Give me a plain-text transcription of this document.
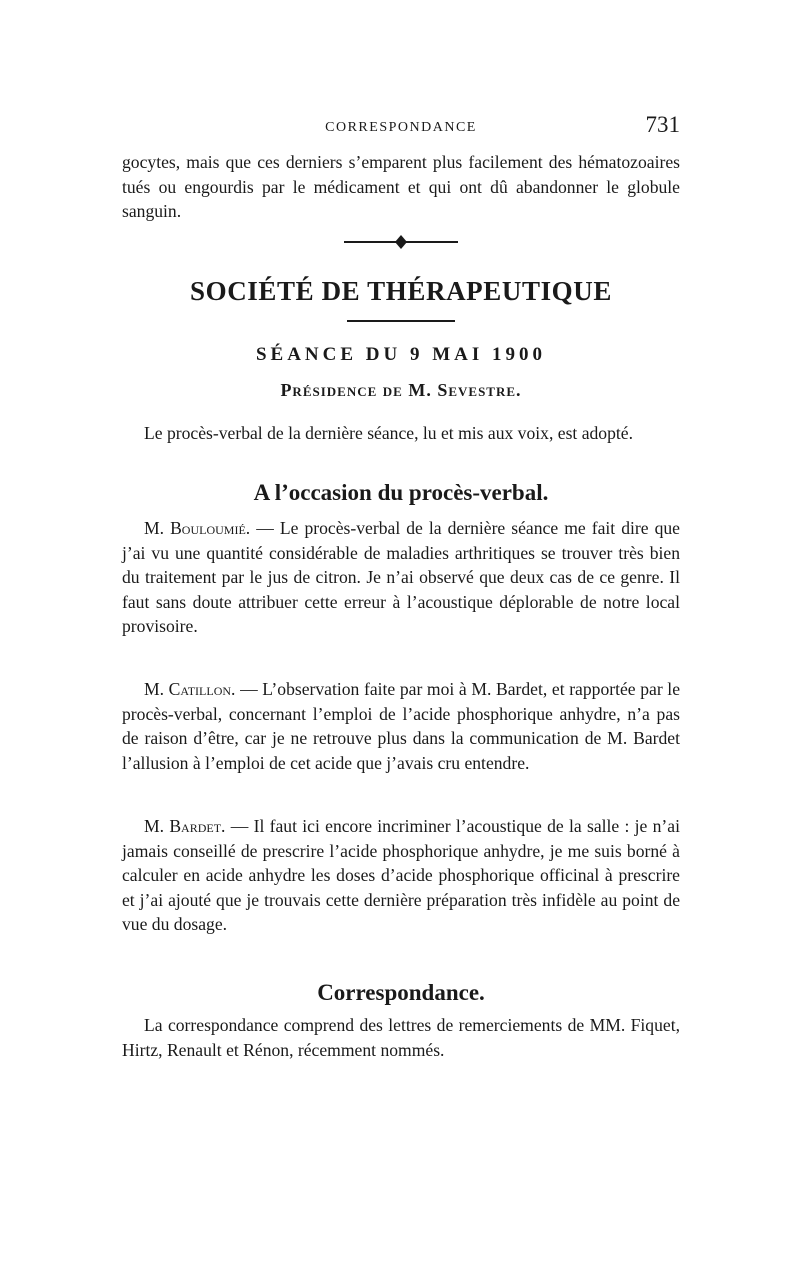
CORRESPONDANCE	731

gocytes, mais que ces derniers s’emparent plus facilement des hématozoaires tués ou engourdis par le médicament et qui ont dû abandonner le globule sanguin.

SOCIÉTÉ DE THÉRAPEUTIQUE
SÉANCE DU 9 MAI 1900
Présidence de M. Sevestre.

Le procès-verbal de la dernière séance, lu et mis aux voix, est adopté.

A l’occasion du procès-verbal.

M. Bouloumié. — Le procès-verbal de la dernière séance me fait dire que j’ai vu une quantité considérable de maladies arthritiques se trouver très bien du traitement par le jus de citron. Je n’ai observé que deux cas de ce genre. Il faut sans doute attribuer cette erreur à l’acoustique déplorable de notre local provisoire.

M. Catillon. — L’observation faite par moi à M. Bardet, et rapportée par le procès-verbal, concernant l’emploi de l’acide phosphorique anhydre, n’a pas de raison d’être, car je ne retrouve plus dans la communication de M. Bardet l’allusion à l’emploi de cet acide que j’avais cru entendre.

M. Bardet. — Il faut ici encore incriminer l’acoustique de la salle : je n’ai jamais conseillé de prescrire l’acide phosphorique anhydre, je me suis borné à calculer en acide anhydre les doses d’acide phosphorique officinal à prescrire et j’ai ajouté que je trouvais cette dernière préparation très infidèle au point de vue du dosage.

Correspondance.

La correspondance comprend des lettres de remerciements de MM. Fiquet, Hirtz, Renault et Rénon, récemment nommés.
